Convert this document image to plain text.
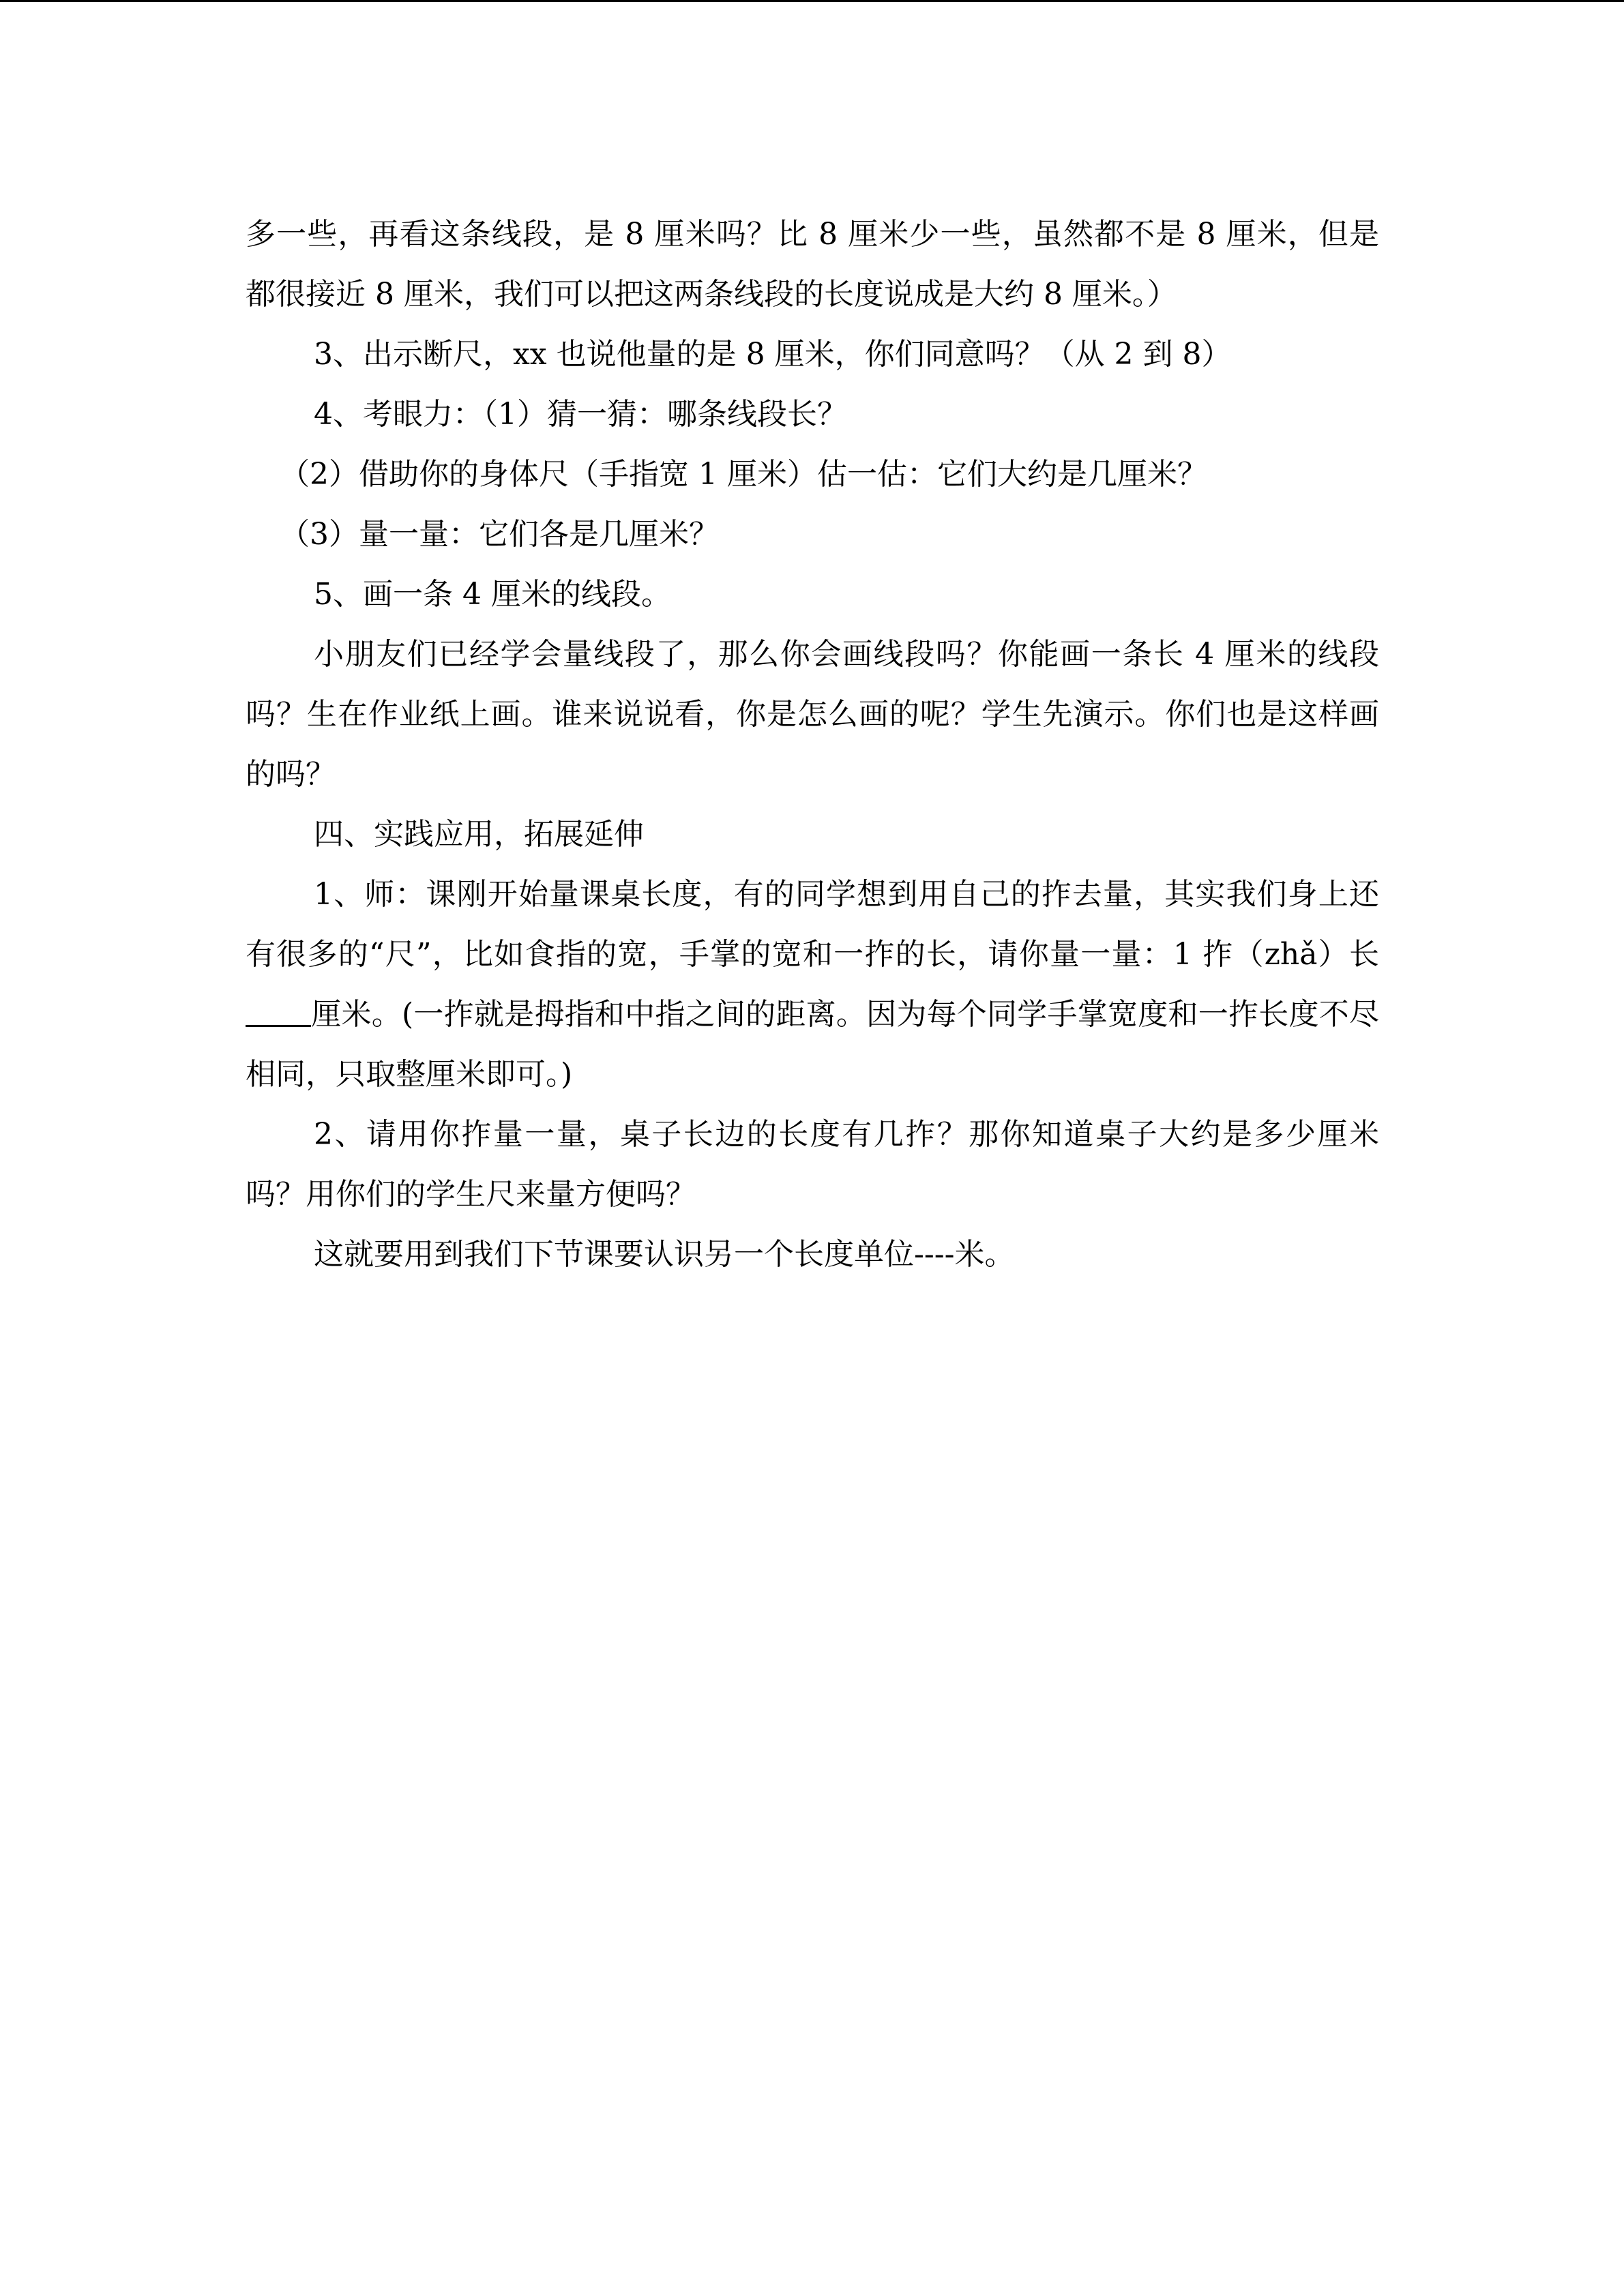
多一些，再看这条线段，是 8 厘米吗？比 8 厘米少一些，虽然都不是 8 厘米，但是都很接近 8 厘米，我们可以把这两条线段的长度说成是大约 8 厘米。）

3、出示断尺，xx 也说他量的是 8 厘米，你们同意吗？（从 2 到 8）

4、考眼力：（1）猜一猜：哪条线段长？

（2）借助你的身体尺（手指宽 1 厘米）估一估：它们大约是几厘米？

（3）量一量：它们各是几厘米？

5、画一条 4 厘米的线段。

小朋友们已经学会量线段了，那么你会画线段吗？你能画一条长 4 厘米的线段吗？生在作业纸上画。谁来说说看，你是怎么画的呢？学生先演示。你们也是这样画的吗？

四、实践应用，拓展延伸

1、师：课刚开始量课桌长度，有的同学想到用自己的拃去量，其实我们身上还有很多的“尺”，比如食指的宽，手掌的宽和一拃的长，请你量一量：1 拃（zhǎ）长厘米。(一拃就是拇指和中指之间的距离。因为每个同学手掌宽度和一拃长度不尽相同，只取整厘米即可。)

2、请用你拃量一量，桌子长边的长度有几拃？那你知道桌子大约是多少厘米吗？用你们的学生尺来量方便吗？

这就要用到我们下节课要认识另一个长度单位----米。
